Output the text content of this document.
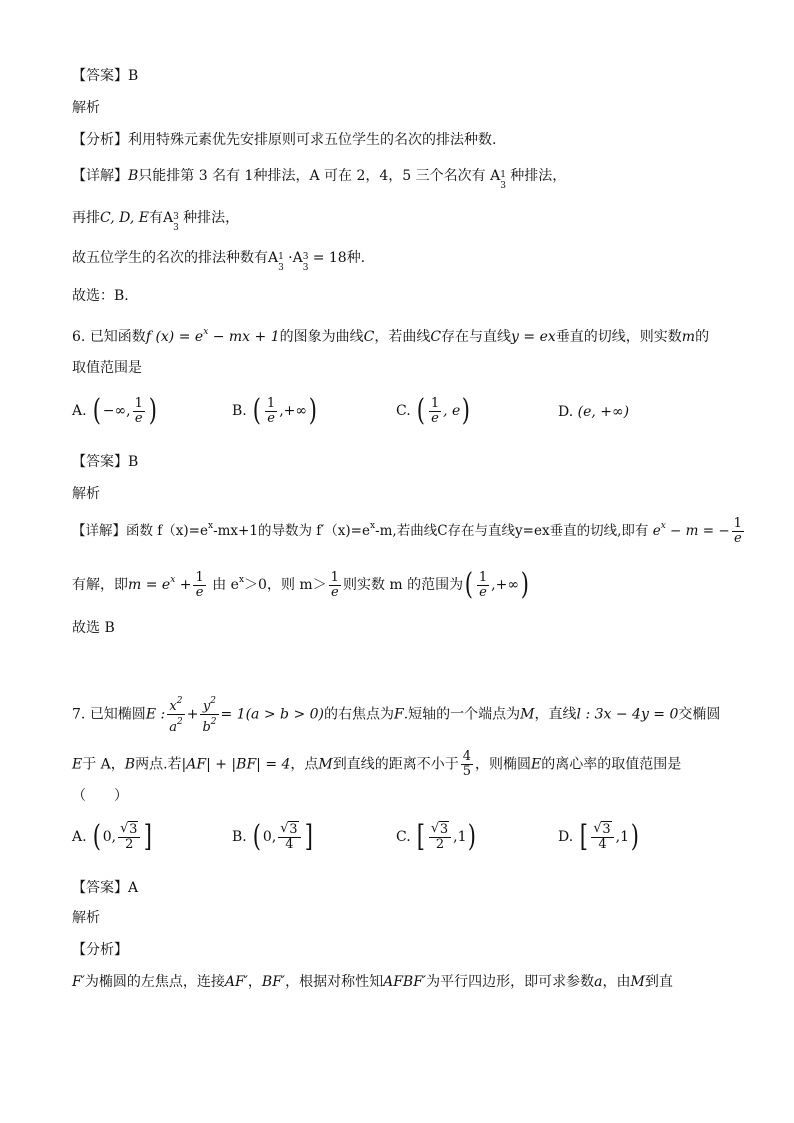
【答案】B
解析
【分析】利用特殊元素优先安排原则可求五位学生的名次的排法种数.
【详解】B只能排第 3 名有 1种排法，A 可在 2，4，5 三个名次有 A 1
3
种排法，
再排C, D, E有A 3
3
种排法，
故五位学生的名次的排法种数有A 1
3
·A 3
3
= 18种.
故选：B.
6. 已知函数f $(x) = e^x$ − mx + 1的图象为曲线C，若曲线C存在与直线y = ex垂直的切线，则实数m的
取值范围是
A. ( −∞, $\frac{1}{e}$ )	B. ( $\frac{1}{e}$ ,+∞)	C. ( $\frac{1}{e}$ , e)	D. (e, +∞)
【答案】B
解析
【详解】函数 $f(x)=e^x-mx+1$的导数为 $f'(x)=e^x-m$,若曲线C存在与直线y=ex垂直的切线,即有 $e^x - m$ = − $\frac{1}{e}$
有解，即$m = e^x + \frac{1}{e}$ 由 $e^x>0$，则 $m> \frac{1}{e}$ 则实数 m 的范围为( $\frac{1}{e}$ ,+∞)
故选 B
7. 已知椭圆E : $\frac{x^2}{a^2} + \frac{y^2}{b^2} = 1(a > b > 0)$的右焦点为F.短轴的一个端点为M，直线l : 3x − 4y = 0交椭圆
E于 A，B两点.若|AF| + |BF| = 4，点M到直线的距离不小于 $\frac{4}{5}$ ，则椭圆E的离心率的取值范围是
（　　）
A. ( 0, $\frac{√ 3}{2}$ ]	B. ( 0, $\frac{√ 3}{4}$ ]	C. [ $\frac{√ 3}{2} ,1$)	D. [ $\frac{√ 3}{4} ,1$)
【答案】A
解析
【分析】
F′为椭圆的左焦点，连接AF′，BF′，根据对称性知AFBF′为平行四边形，即可求参数a，由M到直
